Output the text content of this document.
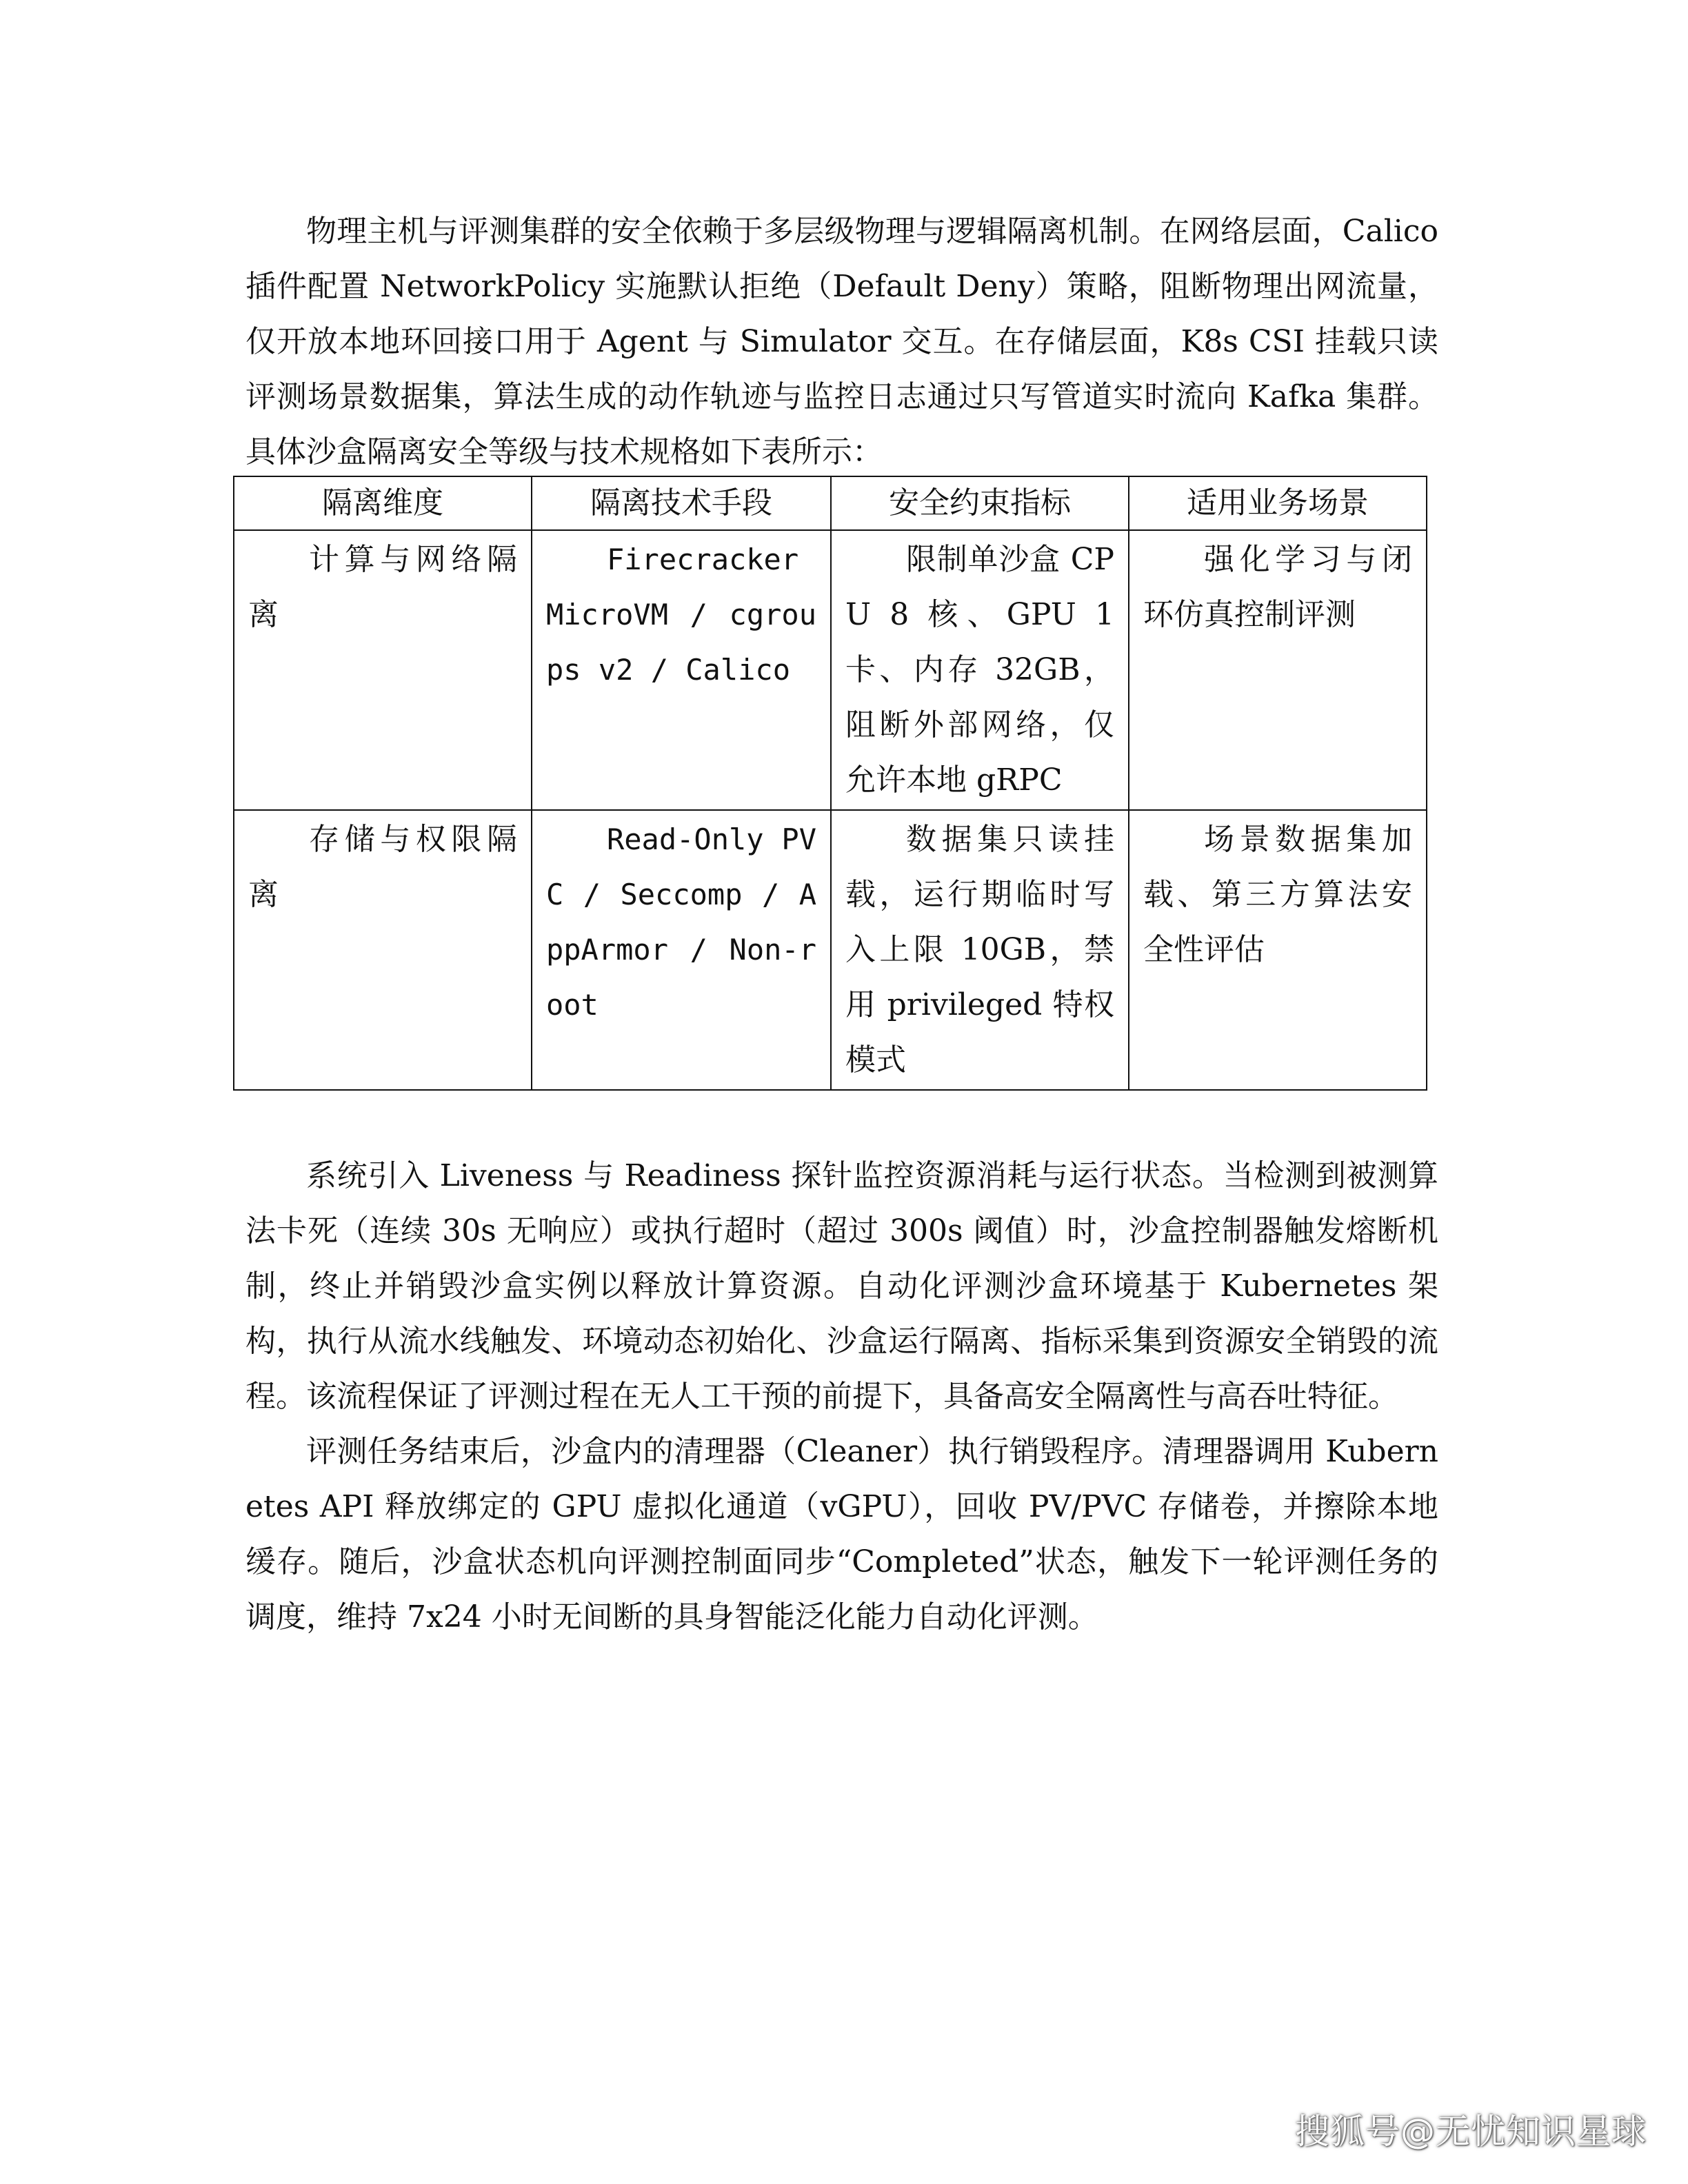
物理主机与评测集群的安全依赖于多层级物理与逻辑隔离机制。在网络层面，Calico 插件配置 NetworkPolicy 实施默认拒绝（Default Deny）策略，阻断物理出网流量，仅开放本地环回接口用于 Agent 与 Simulator 交互。在存储层面，K8s CSI 挂载只读评测场景数据集，算法生成的动作轨迹与监控日志通过只写管道实时流向 Kafka 集群。具体沙盒隔离安全等级与技术规格如下表所示：

隔离维度	隔离技术手段	安全约束指标	适用业务场景
计算与网络隔离	Firecracker MicroVM / cgroups v2 / Calico	限制单沙盒 CPU 8 核、GPU 1 卡、内存 32GB，阻断外部网络，仅允许本地 gRPC	强化学习与闭环仿真控制评测
存储与权限隔离	Read-Only PVC / Seccomp / AppArmor / Non-root	数据集只读挂载，运行期临时写入上限 10GB，禁用 privileged 特权模式	场景数据集加载、第三方算法安全性评估

系统引入 Liveness 与 Readiness 探针监控资源消耗与运行状态。当检测到被测算法卡死（连续 30s 无响应）或执行超时（超过 300s 阈值）时，沙盒控制器触发熔断机制，终止并销毁沙盒实例以释放计算资源。自动化评测沙盒环境基于 Kubernetes 架构，执行从流水线触发、环境动态初始化、沙盒运行隔离、指标采集到资源安全销毁的流程。该流程保证了评测过程在无人工干预的前提下，具备高安全隔离性与高吞吐特征。

评测任务结束后，沙盒内的清理器（Cleaner）执行销毁程序。清理器调用 Kubernetes API 释放绑定的 GPU 虚拟化通道（vGPU），回收 PV/PVC 存储卷，并擦除本地缓存。随后，沙盒状态机向评测控制面同步“Completed”状态，触发下一轮评测任务的调度，维持 7x24 小时无间断的具身智能泛化能力自动化评测。

搜狐号@无忧知识星球
